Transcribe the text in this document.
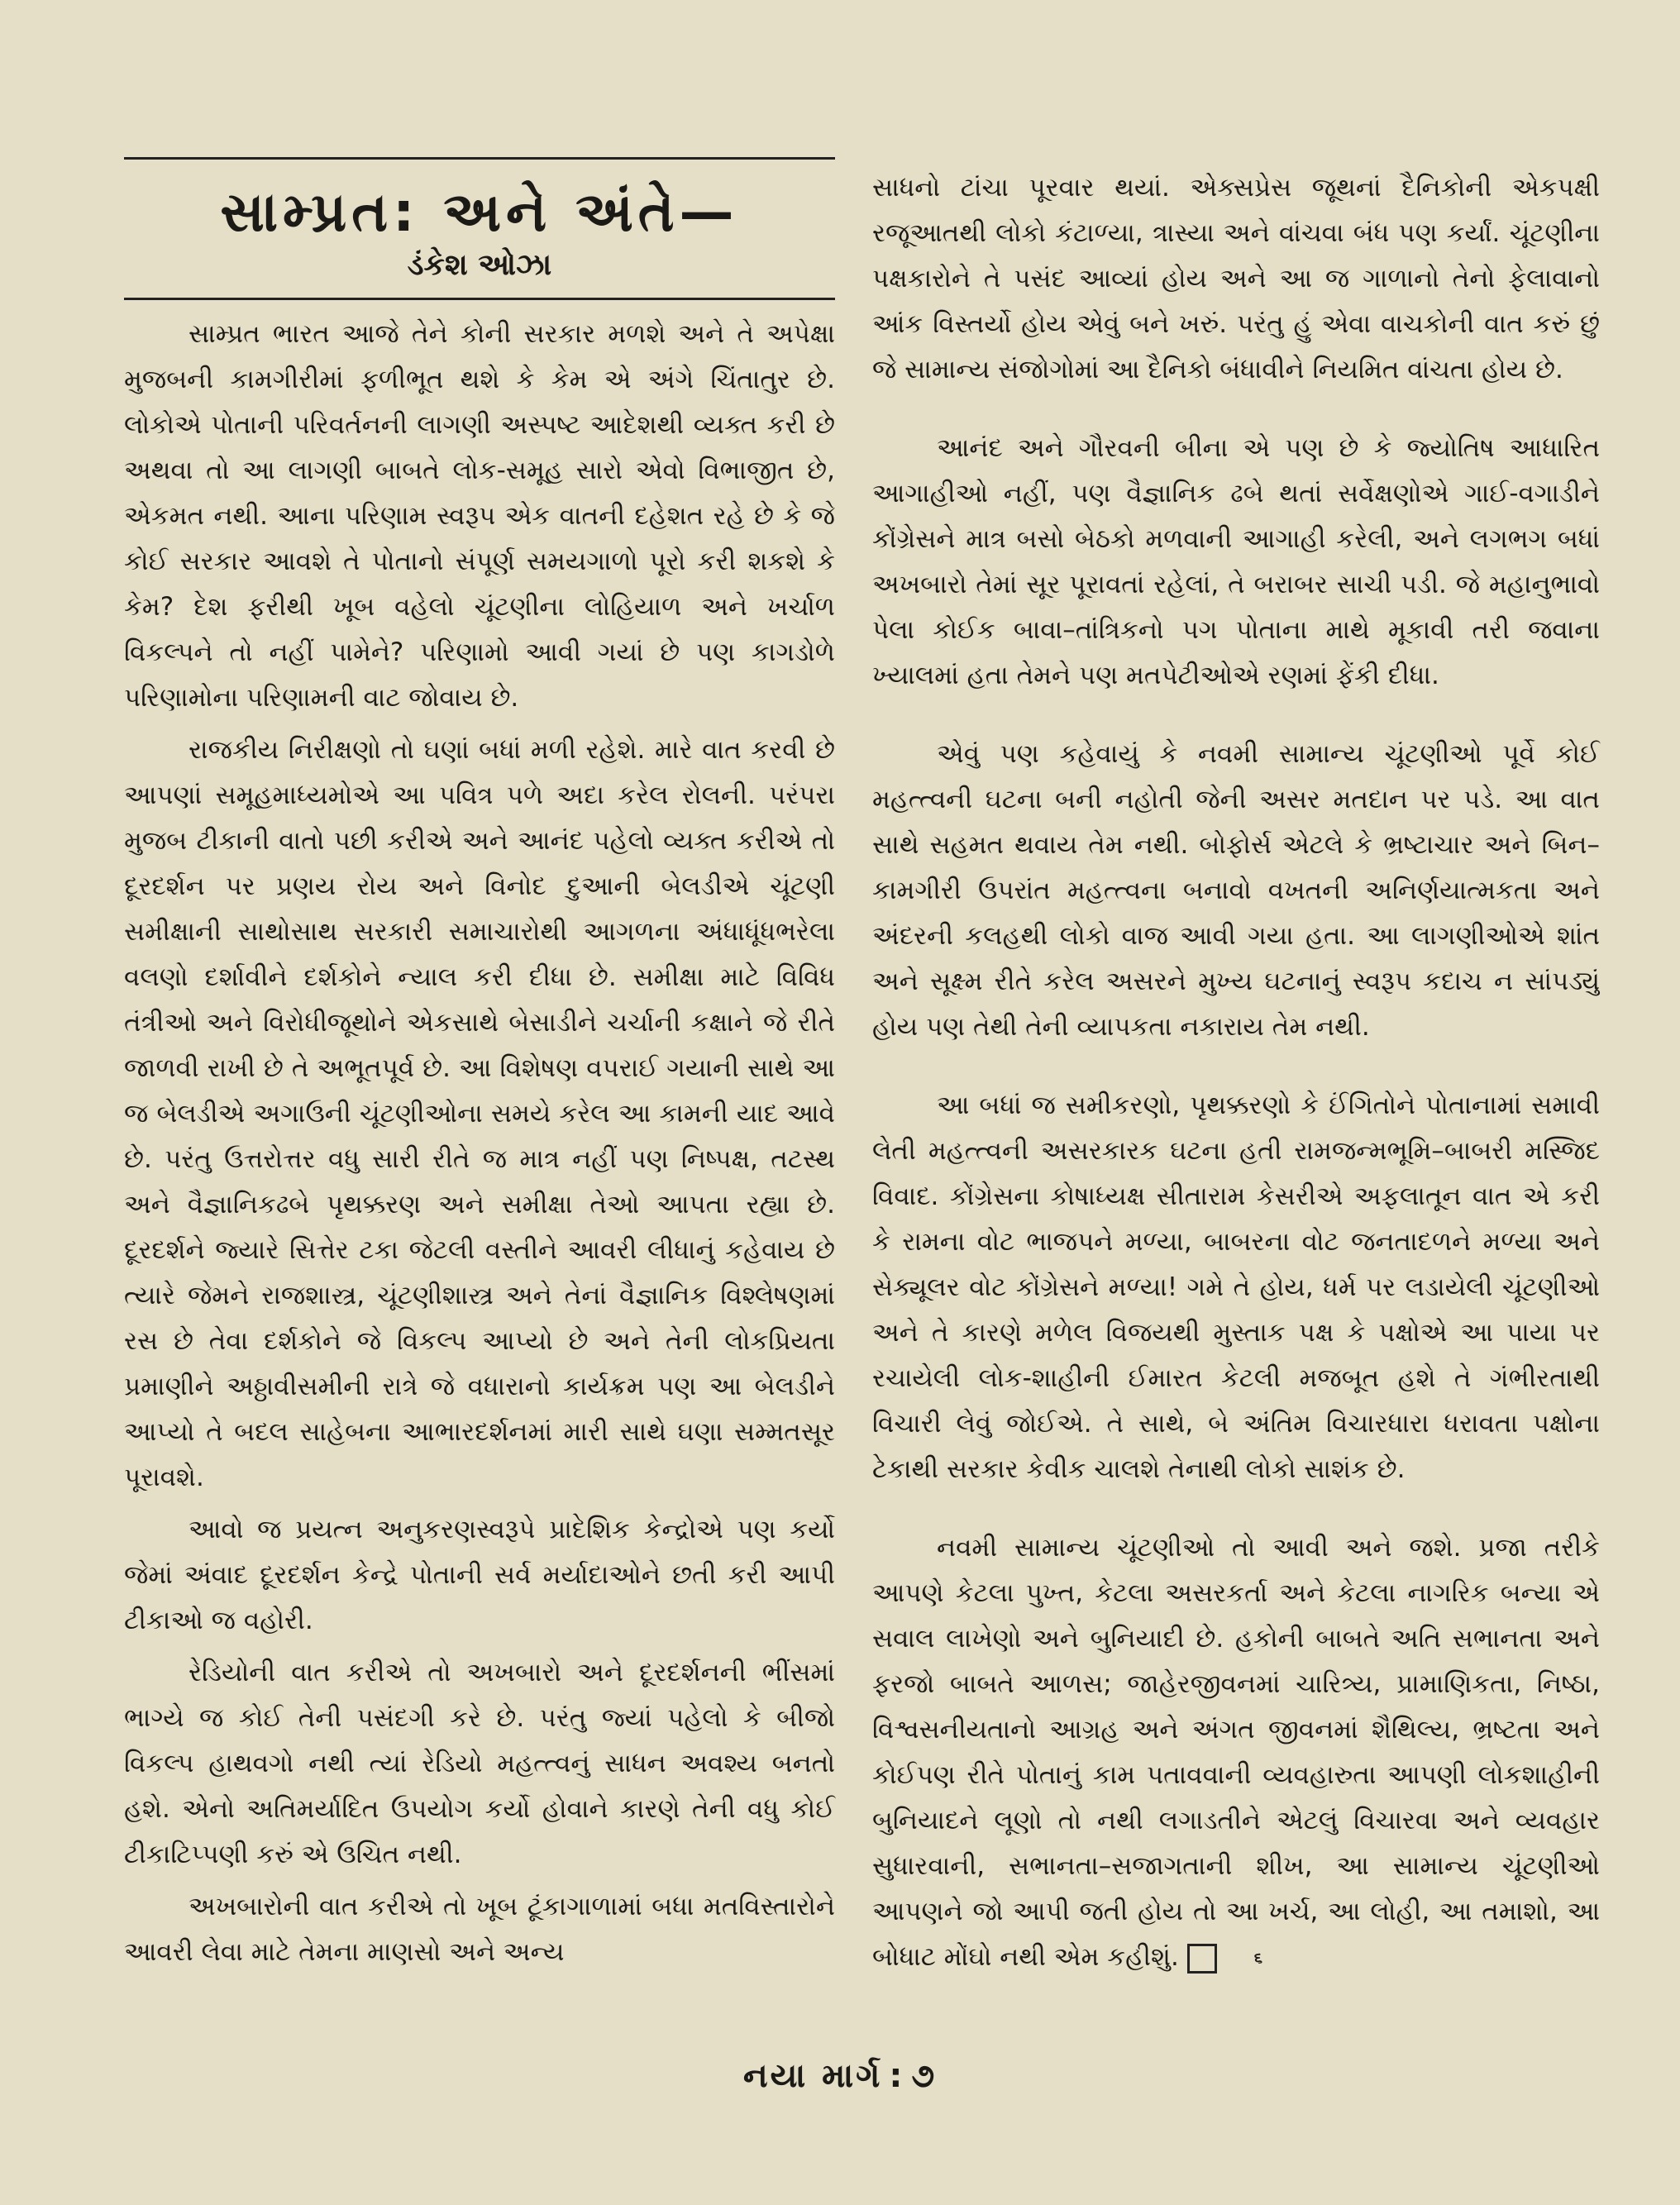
સામ્પ્રત: અને અંતે—
ડંકેશ ઓઝા

સામ્પ્રત ભારત આજે તેને કોની સરકાર મળશે અને તે અપેક્ષા મુજબની કામગીરીમાં ફળીભૂત થશે કે કેમ એ અંગે ચિંતાતુર છે. લોકોએ પોતાની પરિવર્તનની લાગણી અસ્પષ્ટ આદેશથી વ્યક્ત કરી છે અથવા તો આ લાગણી બાબતે લોક-સમૂહ સારો એવો વિભાજીત છે, એકમત નથી. આના પરિણામ સ્વરૂપ એક વાતની દહેશત રહે છે કે જે કોઈ સરકાર આવશે તે પોતાનો સંપૂર્ણ સમયગાળો પૂરો કરી શકશે કે કેમ? દેશ ફરીથી ખૂબ વહેલો ચૂંટણીના લોહિયાળ અને ખર્ચાળ વિકલ્પને તો નહીં પામેને? પરિણામો આવી ગયાં છે પણ કાગડોળે પરિણામોના પરિણામની વાટ જોવાય છે.

રાજકીય નિરીક્ષણો તો ઘણાં બધાં મળી રહેશે. મારે વાત કરવી છે આપણાં સમૂહમાધ્યમોએ આ પવિત્ર પળે અદા કરેલ રોલની. પરંપરા મુજબ ટીકાની વાતો પછી કરીએ અને આનંદ પહેલો વ્યક્ત કરીએ તો દૂરદર્શન પર પ્રણય રોય અને વિનોદ દુઆની બેલડીએ ચૂંટણી સમીક્ષાની સાથોસાથ સરકારી સમાચારોથી આગળના અંધાધૂંધભરેલા વલણો દર્શાવીને દર્શકોને ન્યાલ કરી દીધા છે. સમીક્ષા માટે વિવિધ તંત્રીઓ અને વિરોધીજૂથોને એકસાથે બેસાડીને ચર્ચાની કક્ષાને જે રીતે જાળવી રાખી છે તે અભૂતપૂર્વ છે. આ વિશેષણ વપરાઈ ગયાની સાથે આ જ બેલડીએ અગાઉની ચૂંટણીઓના સમયે કરેલ આ કામની યાદ આવે છે. પરંતુ ઉત્તરોત્તર વધુ સારી રીતે જ માત્ર નહીં પણ નિષ્પક્ષ, તટસ્થ અને વૈજ્ઞાનિકઢબે પૃથક્કરણ અને સમીક્ષા તેઓ આપતા રહ્યા છે. દૂરદર્શને જ્યારે સિત્તેર ટકા જેટલી વસ્તીને આવરી લીધાનું કહેવાય છે ત્યારે જેમને રાજશાસ્ત્ર, ચૂંટણીશાસ્ત્ર અને તેનાં વૈજ્ઞાનિક વિશ્લેષણમાં રસ છે તેવા દર્શકોને જે વિકલ્પ આપ્યો છે અને તેની લોકપ્રિયતા પ્રમાણીને અઠ્ઠાવીસમીની રાત્રે જે વધારાનો કાર્યક્રમ પણ આ બેલડીને આપ્યો તે બદલ સાહેબના આભારદર્શનમાં મારી સાથે ઘણા સમ્મતસૂર પૂરાવશે.

આવો જ પ્રયત્ન અનુકરણસ્વરૂપે પ્રાદેશિક કેન્દ્રોએ પણ કર્યો જેમાં અંવાદ દૂરદર્શન કેન્દ્રે પોતાની સર્વ મર્યાદાઓને છતી કરી આપી ટીકાઓ જ વહોરી.

રેડિયોની વાત કરીએ તો અખબારો અને દૂરદર્શનની ભીંસમાં ભાગ્યે જ કોઈ તેની પસંદગી કરે છે. પરંતુ જ્યાં પહેલો કે બીજો વિકલ્પ હાથવગો નથી ત્યાં રેડિયો મહત્ત્વનું સાધન અવશ્ય બનતો હશે. એનો અતિમર્યાદિત ઉપયોગ કર્યો હોવાને કારણે તેની વધુ કોઈ ટીકાટિપ્પણી કરું એ ઉચિત નથી.

અખબારોની વાત કરીએ તો ખૂબ ટૂંકાગાળામાં બધા મતવિસ્તારોને આવરી લેવા માટે તેમના માણસો અને અન્ય

સાધનો ટાંચા પૂરવાર થયાં. એક્સપ્રેસ જૂથનાં દૈનિકોની એકપક્ષી રજૂઆતથી લોકો કંટાળ્યા, ત્રાસ્યા અને વાંચવા બંધ પણ કર્યાં. ચૂંટણીના પક્ષકારોને તે પસંદ આવ્યાં હોય અને આ જ ગાળાનો તેનો ફેલાવાનો આંક વિસ્તર્યો હોય એવું બને ખરું. પરંતુ હું એવા વાચકોની વાત કરું છું જે સામાન્ય સંજોગોમાં આ દૈનિકો બંધાવીને નિયમિત વાંચતા હોય છે.

આનંદ અને ગૌરવની બીના એ પણ છે કે જ્યોતિષ આધારિત આગાહીઓ નહીં, પણ વૈજ્ઞાનિક ઢબે થતાં સર્વેક્ષણોએ ગાઈ-વગાડીને કોંગ્રેસને માત્ર બસો બેઠકો મળવાની આગાહી કરેલી, અને લગભગ બધાં અખબારો તેમાં સૂર પૂરાવતાં રહેલાં, તે બરાબર સાચી પડી. જે મહાનુભાવો પેલા કોઈક બાવા–તાંત્રિકનો પગ પોતાના માથે મૂકાવી તરી જવાના ખ્યાલમાં હતા તેમને પણ મતપેટીઓએ રણમાં ફેંકી દીધા.

એવું પણ કહેવાયું કે નવમી સામાન્ય ચૂંટણીઓ પૂર્વે કોઈ મહત્ત્વની ઘટના બની નહોતી જેની અસર મતદાન પર પડે. આ વાત સાથે સહમત થવાય તેમ નથી. બોફોર્સ એટલે કે ભ્રષ્ટાચાર અને બિન–કામગીરી ઉપરાંત મહત્ત્વના બનાવો વખતની અનિર્ણયાત્મકતા અને અંદરની કલહથી લોકો વાજ આવી ગયા હતા. આ લાગણીઓએ શાંત અને સૂક્ષ્મ રીતે કરેલ અસરને મુખ્ય ઘટનાનું સ્વરૂપ કદાચ ન સાંપડ્યું હોય પણ તેથી તેની વ્યાપકતા નકારાય તેમ નથી.

આ બધાં જ સમીકરણો, પૃથક્કરણો કે ઈંગિતોને પોતાનામાં સમાવી લેતી મહત્ત્વની અસરકારક ઘટના હતી રામજન્મભૂમિ–બાબરી મસ્જિદ વિવાદ. કોંગ્રેસના કોષાધ્યક્ષ સીતારામ કેસરીએ અફલાતૂન વાત એ કરી કે રામના વોટ ભાજપને મળ્યા, બાબરના વોટ જનતાદળને મળ્યા અને સેક્યૂલર વોટ કોંગ્રેસને મળ્યા! ગમે તે હોય, ધર્મ પર લડાયેલી ચૂંટણીઓ અને તે કારણે મળેલ વિજયથી મુસ્તાક પક્ષ કે પક્ષોએ આ પાયા પર રચાયેલી લોક-શાહીની ઈમારત કેટલી મજબૂત હશે તે ગંભીરતાથી વિચારી લેવું જોઈએ. તે સાથે, બે અંતિમ વિચારધારા ધરાવતા પક્ષોના ટેકાથી સરકાર કેવીક ચાલશે તેનાથી લોકો સાશંક છે.

નવમી સામાન્ય ચૂંટણીઓ તો આવી અને જશે. પ્રજા તરીકે આપણે કેટલા પુખ્ત, કેટલા અસરકર્તા અને કેટલા નાગરિક બન્યા એ સવાલ લાખેણો અને બુનિયાદી છે. હકોની બાબતે અતિ સભાનતા અને ફરજો બાબતે આળસ; જાહેરજીવનમાં ચારિત્ર્ય, પ્રામાણિકતા, નિષ્ઠા, વિશ્વસનીયતાનો આગ્રહ અને અંગત જીવનમાં શૈથિલ્ય, ભ્રષ્ટતા અને કોઈપણ રીતે પોતાનું કામ પતાવવાની વ્યવહારુતા આપણી લોકશાહીની બુનિયાદને લૂણો તો નથી લગાડતીને એટલું વિચારવા અને વ્યવહાર સુધારવાની, સભાનતા–સજાગતાની શીખ, આ સામાન્ય ચૂંટણીઓ આપણને જો આપી જતી હોય તો આ ખર્ચ, આ લોહી, આ તમાશો, આ બોધાટ મોંઘો નથી એમ કહીશું.	૬

નયા માર્ગ : ૭
